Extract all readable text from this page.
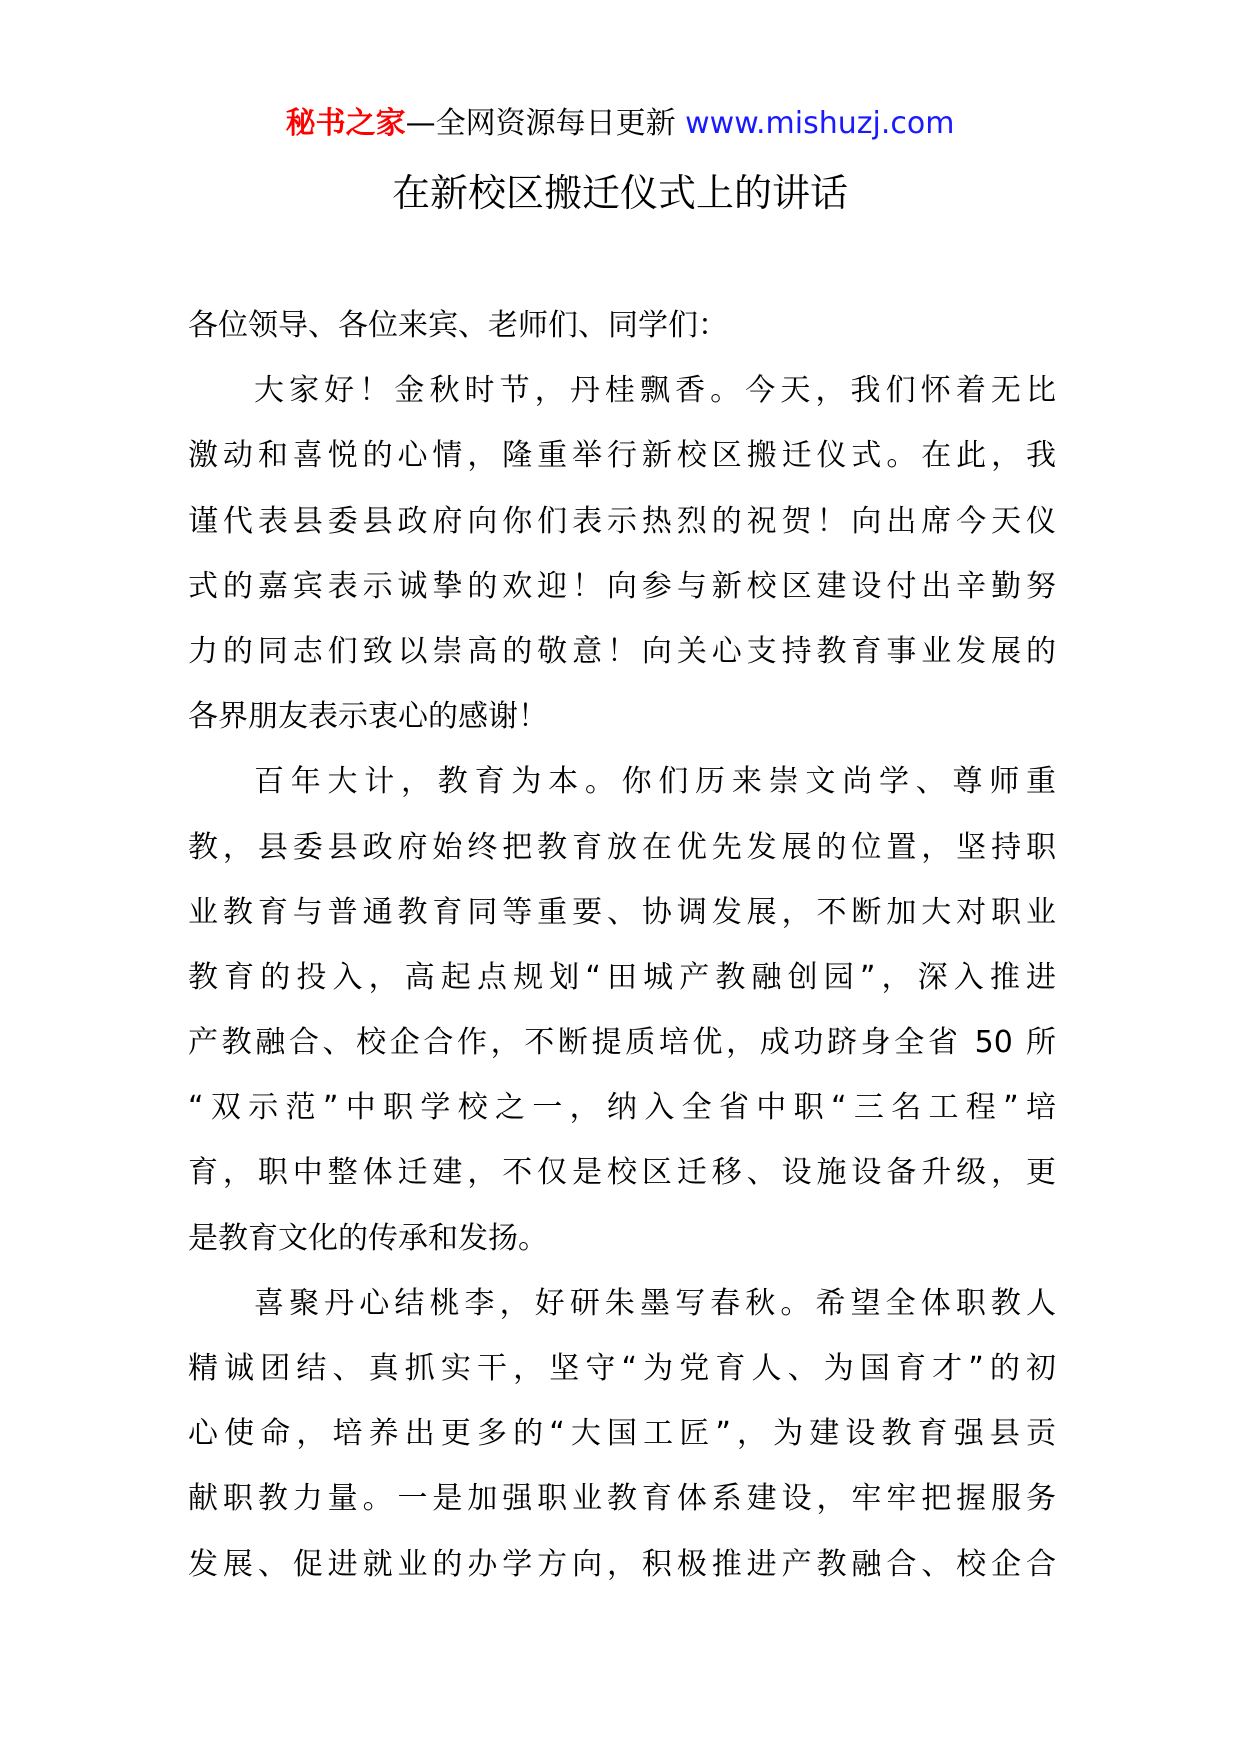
秘书之家—全网资源每日更新 www.mishuzj.com
在新校区搬迁仪式上的讲话
各位领导、各位来宾、老师们、同学们：
大家好！金秋时节，丹桂飘香。今天，我们怀着无比
激动和喜悦的心情，隆重举行新校区搬迁仪式。在此，我
谨代表县委县政府向你们表示热烈的祝贺！向出席今天仪
式的嘉宾表示诚挚的欢迎！向参与新校区建设付出辛勤努
力的同志们致以崇高的敬意！向关心支持教育事业发展的
各界朋友表示衷心的感谢！
百年大计，教育为本。你们历来崇文尚学、尊师重
教，县委县政府始终把教育放在优先发展的位置，坚持职
业教育与普通教育同等重要、协调发展，不断加大对职业
教育的投入，高起点规划“田城产教融创园”，深入推进
产教融合、校企合作，不断提质培优，成功跻身全省 50 所
“双示范”中职学校之一，纳入全省中职“三名工程”培
育，职中整体迁建，不仅是校区迁移、设施设备升级，更
是教育文化的传承和发扬。
喜聚丹心结桃李，好研朱墨写春秋。希望全体职教人
精诚团结、真抓实干，坚守“为党育人、为国育才”的初
心使命，培养出更多的“大国工匠”，为建设教育强县贡
献职教力量。一是加强职业教育体系建设，牢牢把握服务
发展、促进就业的办学方向，积极推进产教融合、校企合
